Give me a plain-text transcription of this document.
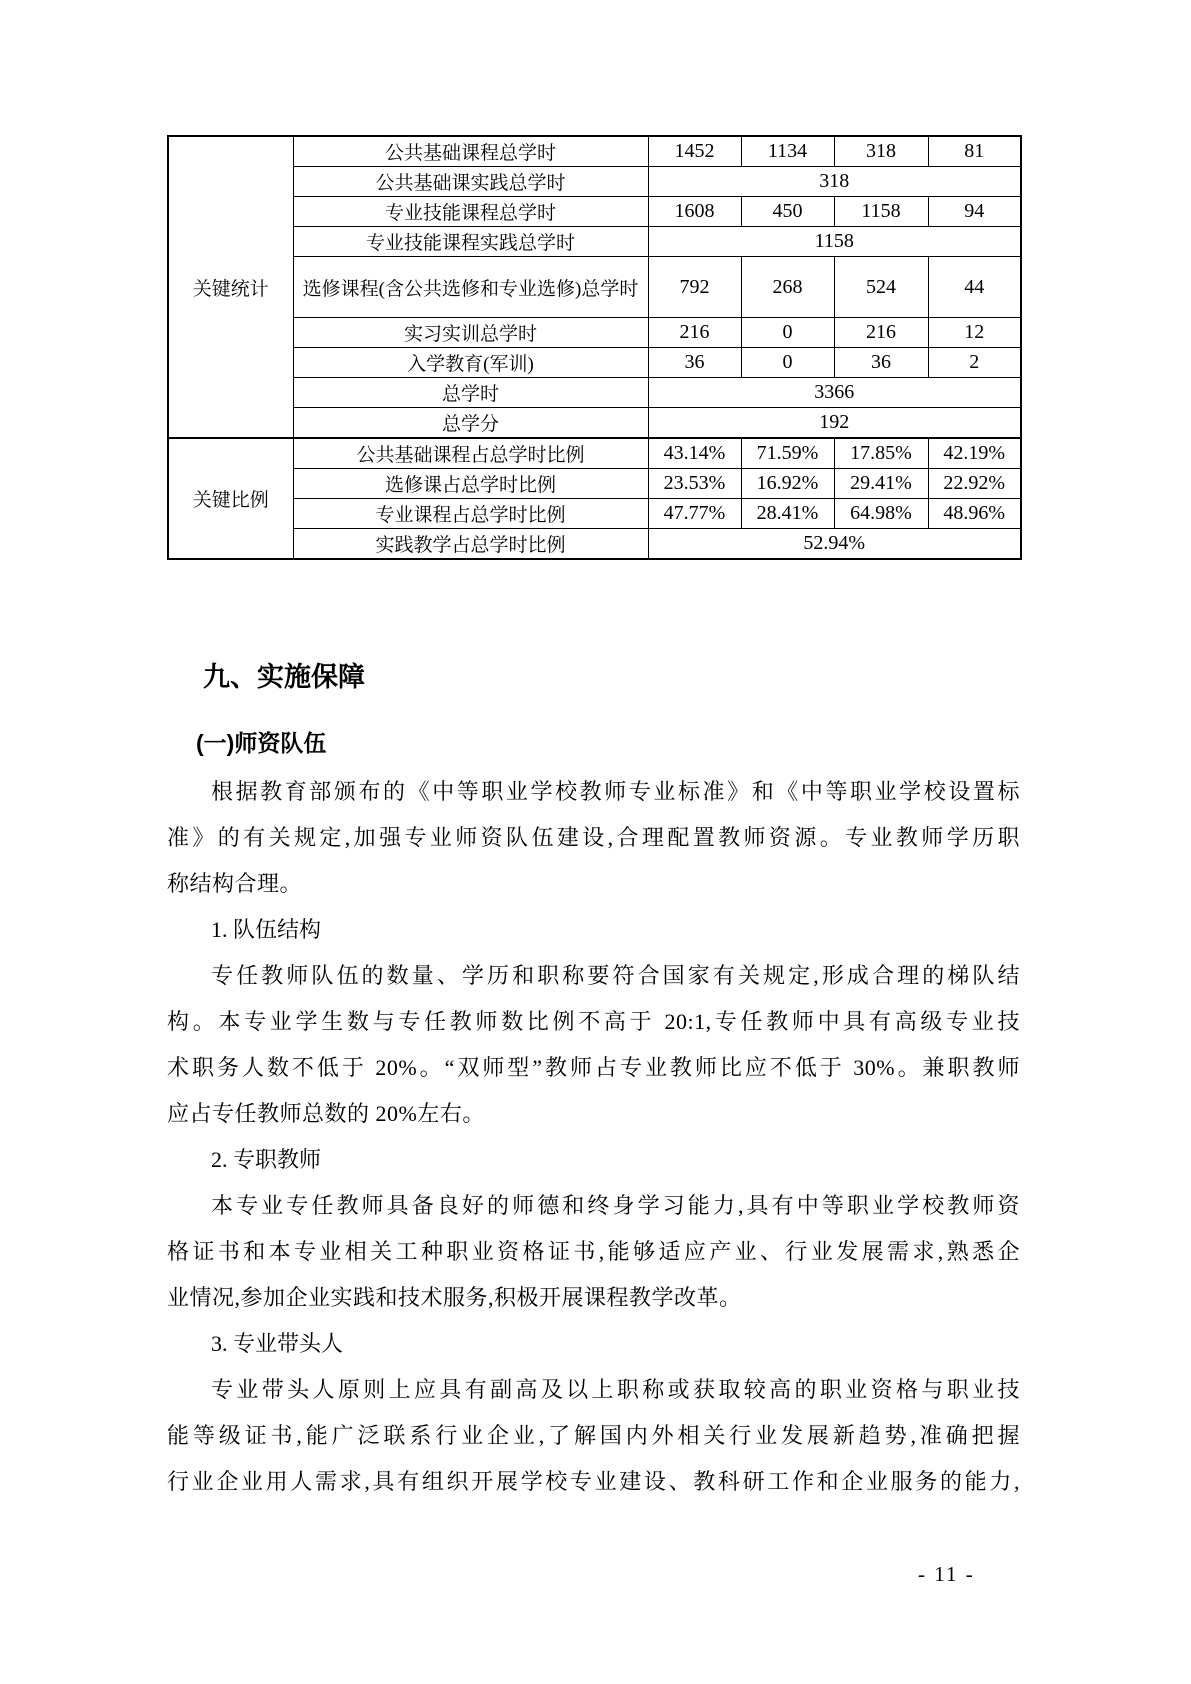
关键统计	公共基础课程总学时	1452	1134	318	81
	公共基础课实践总学时	318			
	专业技能课程总学时	1608	450	1158	94
	专业技能课程实践总学时	1158			
	选修课程(含公共选修和专业选修)总学时	792	268	524	44
	实习实训总学时	216	0	216	12
	入学教育(军训)	36	0	36	2
	总学时	3366			
	总学分	192			
关键比例	公共基础课程占总学时比例	43.14%	71.59%	17.85%	42.19%
	选修课占总学时比例	23.53%	16.92%	29.41%	22.92%
	专业课程占总学时比例	47.77%	28.41%	64.98%	48.96%
	实践教学占总学时比例	52.94%			
九、实施保障
(一)师资队伍
根据教育部颁布的《中等职业学校教师专业标准》和《中等职业学校设置标
准》的有关规定,加强专业师资队伍建设,合理配置教师资源。专业教师学历职
称结构合理。
1. 队伍结构
专任教师队伍的数量、学历和职称要符合国家有关规定,形成合理的梯队结
构。本专业学生数与专任教师数比例不高于 20:1,专任教师中具有高级专业技
术职务人数不低于 20%。“双师型”教师占专业教师比应不低于 30%。兼职教师
应占专任教师总数的 20%左右。
2. 专职教师
本专业专任教师具备良好的师德和终身学习能力,具有中等职业学校教师资
格证书和本专业相关工种职业资格证书,能够适应产业、行业发展需求,熟悉企
业情况,参加企业实践和技术服务,积极开展课程教学改革。
3. 专业带头人
专业带头人原则上应具有副高及以上职称或获取较高的职业资格与职业技
能等级证书,能广泛联系行业企业,了解国内外相关行业发展新趋势,准确把握
行业企业用人需求,具有组织开展学校专业建设、教科研工作和企业服务的能力,
- 11 -
